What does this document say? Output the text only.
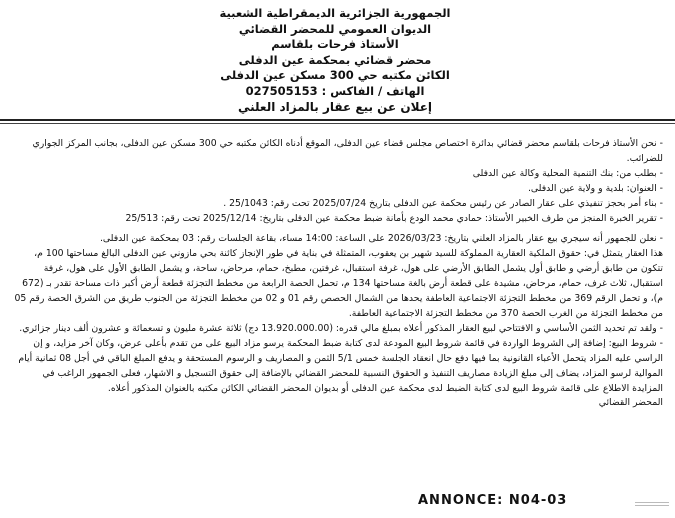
الجمهورية الجزائرية الديمقراطية الشعبية
الديوان العمومي للمحضر القضائي
الأستاذ فرحات بلقاسم
محضر قضائي بمحكمة عين الدفلى
الكائن مكتبه حي 300 مسكن عين الدفلى
الهاتف / الفاكس : 027505153
إعلان عن بيع عقار بالمزاد العلني

- نحن الأستاذ فرحات بلقاسم محضر قضائي بدائرة اختصاص مجلس قضاء عين الدفلى، الموقع أدناه الكائن مكتبه حي 300 مسكن عين الدفلى، بجانب المركز الجواري للضرائب.

- بطلب من: بنك التنمية المحلية وكالة عين الدفلى

- العنوان: بلدية و ولاية عين الدفلى.

- بناء أمر بحجز تنفيذي على عقار الصادر عن رئيس محكمة عين الدفلى بتاريخ 2025/07/24 تحت رقم: 25/1043 .

- تقرير الخبرة المنجز من طرف الخبير الأستاذ: حمادي محمد الودع بأمانة ضبط محكمة عين الدفلى بتاريخ: 2025/12/14 تحت رقم: 25/513

- نعلن للجمهور أنه سيجري بيع عقار بالمزاد العلني بتاريخ: 2026/03/23 على الساعة: 14:00 مساء، بقاعة الجلسات رقم: 03 بمحكمة عين الدفلى.

هذا العقار يتمثل في: حقوق الملكية العقارية المملوكة للسيد شهير بن يعقوب، المتمثلة في بناية في طور الإنجاز كائنة بحي مازوني عين الدفلى البالغ مساحتها 100 م، تتكون من طابق أرضي و طابق أول يشمل الطابق الأرضي على هول، غرفة استقبال، غرفتين، مطبخ، حمام، مرحاض، ساحة، و يشمل الطابق الأول على هول، غرفة استقبال، ثلاث غرف، حمام، مرحاض، مشيدة على قطعة أرض بالغة مساحتها 134 م، تحمل الحصة الرابعة من مخطط التجزئة قطعة أرض أكبر ذات مساحة تقدر بـ (672 م)، و تحمل الرقم 369 من مخطط التجزئة الاجتماعية العاطفة يحدها من الشمال الحصص رقم 01 و 02 من مخطط التجزئة من الجنوب طريق من الشرق الحصة رقم 05 من مخطط التجزئة من الغرب الحصة 370 من مخطط التجزئة الاجتماعية العاطفة.

- ولقد تم تحديد الثمن الأساسي و الافتتاحي لبيع العقار المذكور أعلاه بمبلغ مالي قدره: (13.920.000.00 دج) ثلاثة عشرة مليون و تسعمائة و عشرون ألف دينار جزائري.

- شروط البيع: إضافة إلى الشروط الواردة في قائمة شروط البيع المودعة لدى كتابة ضبط المحكمة يرسو مزاد البيع على من تقدم بأعلى عرض، وكان آخر مزايد، و إن الراسي عليه المزاد يتحمل الأعباء القانونية بما فيها دفع حال انعقاد الجلسة خمس 5/1 الثمن و المصاريف و الرسوم المستحقة و يدفع المبلغ الباقي في أجل 08 ثمانية أيام الموالية لرسو المزاد، يضاف إلى مبلغ الزيادة مصاريف التنفيذ و الحقوق النسبية للمحضر القضائي بالإضافة إلى حقوق التسجيل و الاشهار، فعلى الجمهور الراغب في المزايدة الاطلاع على قائمة شروط البيع لدى كتابة الضبط لدى محكمة عين الدفلى أو بديوان المحضر القضائي الكائن مكتبه بالعنوان المذكور أعلاه.

المحضر القضائي

ANNONCE: N04-03
